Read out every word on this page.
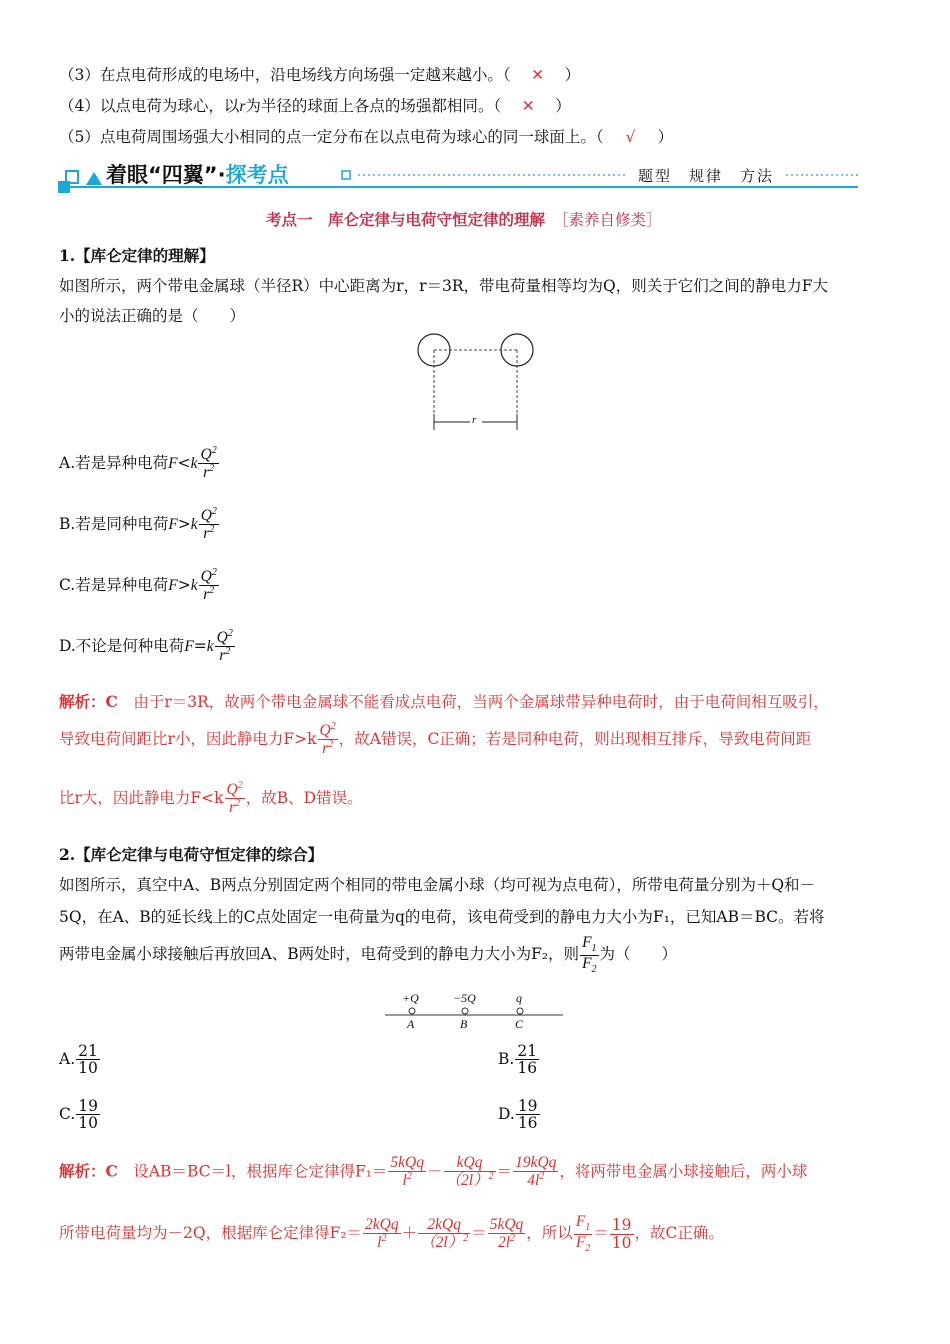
（3）在点电荷形成的电场中，沿电场线方向场强一定越来越小。（ ✕ ）
（4）以点电荷为球心，以r为半径的球面上各点的场强都相同。（ ✕ ）
（5）点电荷周围场强大小相同的点一定分布在以点电荷为球心的同一球面上。（ √ ）
着眼“四翼”·探考点	题型　规律　方法
考点一　库仑定律与电荷守恒定律的理解 ［素养自修类］
1.【库仑定律的理解】
如图所示，两个带电金属球（半径R）中心距离为r，r＝3R，带电荷量相等均为Q，则关于它们之间的静电力F大
小的说法正确的是（　　）
r
A.若是异种电荷$F<k \frac{Q^2}{r^2}$
B.若是同种电荷$F>k \frac{Q^2}{r^2}$
C.若是异种电荷$F>k \frac{Q^2}{r^2}$
D.不论是何种电荷$F=k \frac{Q^2}{r^2}$
解析：C　 由于r＝3R，故两个带电金属球不能看成点电荷，当两个金属球带异种电荷时，由于电荷间相互吸引，
导致电荷间距比r小，因此静电力$F>k \frac{Q^2}{r^2}$ ，故A错误，C正确；若是同种电荷，则出现相互排斥，导致电荷间距
比r大，因此静电力$F<k \frac{Q^2}{r^2}$ ，故B、D错误。
2.【库仑定律与电荷守恒定律的综合】
如图所示，真空中A、B两点分别固定两个相同的带电金属小球（均可视为点电荷），所带电荷量分别为＋Q和－
5Q，在A、B的延长线上的C点处固定一电荷量为q的电荷，该电荷受到的静电力大小为F₁，已知AB＝BC。若将
两带电金属小球接触后再放回A、B两处时，电荷受到的静电力大小为F₂，则 $\frac{F_1}{F_2}$ 为（　　）
+Q	−5Q	q
A	B	C
A. $\frac{21}{10}$	B. $\frac{21}{16}$
C. $\frac{19}{10}$	D. $\frac{19}{16}$
解析：C　 设AB＝BC＝l，根据库仑定律得$F_1= \frac{\text{5kQq}}{l^2} - \frac{\text{kQq}}{(2l)^2} = \frac{\text{19kQq}}{4l^2}$ ，将两带电金属小球接触后，两小球
所带电荷量均为－2Q，根据库仑定律得$F_2= \frac{\text{2kQq}}{l^2} + \frac{\text{2kQq}}{(2l)^2} = \frac{\text{5kQq}}{2l^2}$ ，所以 $\frac{F_1}{F_2} = \frac{19}{10}$ ，故C正确。
